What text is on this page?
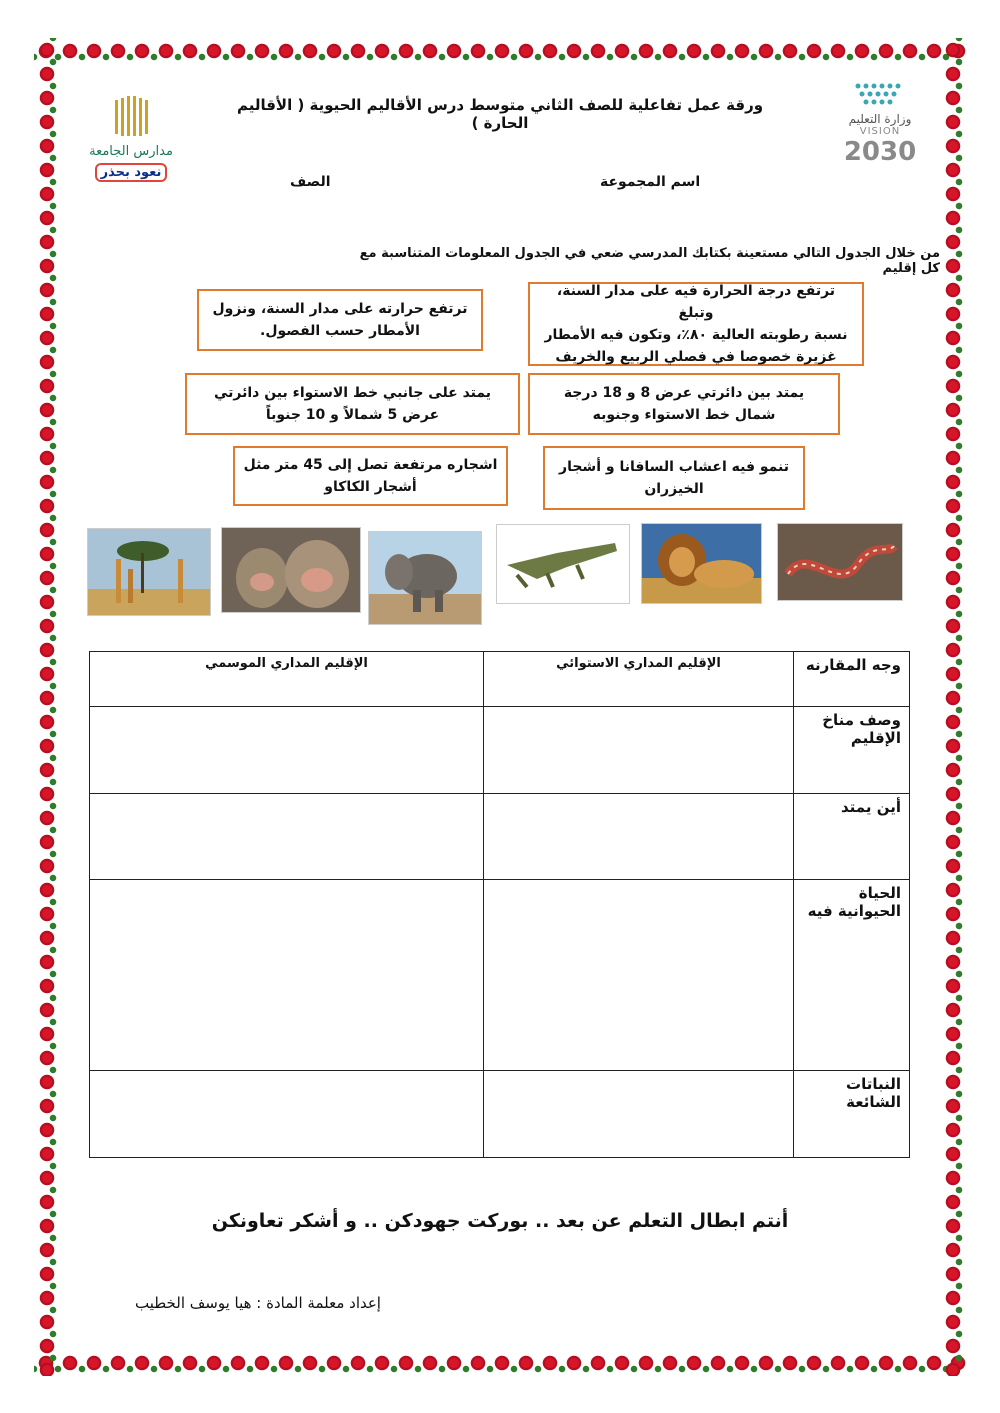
وزارة التعليم
VISION
2030
مدارس الجامعة
نعود بحذر
ورقة عمل تفاعلية للصف الثاني متوسط درس الأقاليم الحيوية ( الأقاليم الحارة )
اسم المجموعة
الصف
من خلال الجدول التالي مستعينة بكتابك المدرسي ضعي في الجدول المعلومات المتناسبة مع كل إقليم
ترتفع درجة الحرارة فيه على مدار السنة، وتبلغ
نسبة رطوبته العالية ٨٠٪، وتكون فيه الأمطار
غزيرة خصوصا في فصلي الربيع والخريف
ترتفع حرارته على مدار السنة، ونزول
الأمطار حسب الفصول.
يمتد بين دائرتي عرض 8 و 18 درجة
شمال خط الاستواء وجنوبه
يمتد على جانبي خط الاستواء بين دائرتي
عرض 5 شمالاً و 10 جنوباً
تنمو فيه اعشاب السافانا و أشجار
الخيزران
اشجاره مرتفعة تصل إلى 45 متر مثل
أشجار الكاكاو
وجه المقارنه	الإقليم المداري الاستوائي	الإقليم المداري الموسمي
وصف مناخ الإقليم		
أين يمتد		
الحياة الحيوانية فيه		
النباتات الشائعة		
أنتم ابطال التعلم عن بعد .. بوركت جهودكن .. و أشكر تعاونكن
إعداد معلمة المادة : هيا يوسف الخطيب
